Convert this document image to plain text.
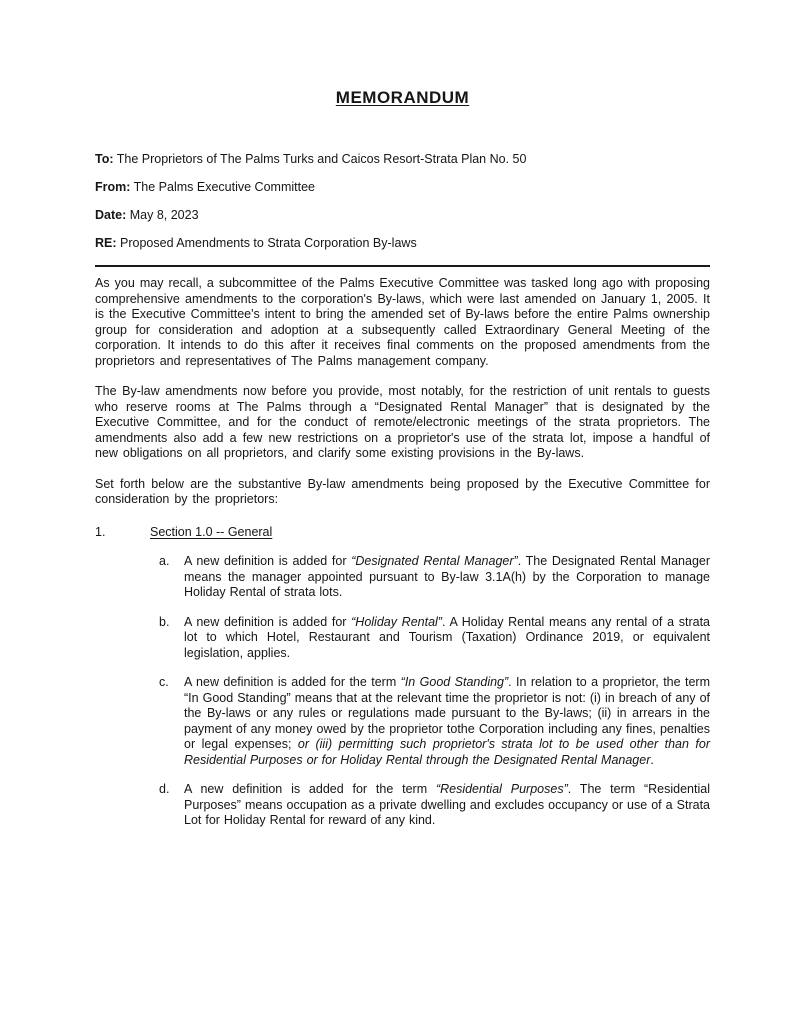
MEMORANDUM
To: The Proprietors of The Palms Turks and Caicos Resort-Strata Plan No. 50
From: The Palms Executive Committee
Date: May 8, 2023
RE: Proposed Amendments to Strata Corporation By-laws

As you may recall, a subcommittee of the Palms Executive Committee was tasked long ago with proposing comprehensive amendments to the corporation's By-laws, which were last amended on January 1, 2005. It is the Executive Committee's intent to bring the amended set of By-laws before the entire Palms ownership group for consideration and adoption at a subsequently called Extraordinary General Meeting of the corporation. It intends to do this after it receives final comments on the proposed amendments from the proprietors and representatives of The Palms management company.

The By-law amendments now before you provide, most notably, for the restriction of unit rentals to guests who reserve rooms at The Palms through a “Designated Rental Manager” that is designated by the Executive Committee, and for the conduct of remote/electronic meetings of the strata proprietors. The amendments also add a few new restrictions on a proprietor's use of the strata lot, impose a handful of new obligations on all proprietors, and clarify some existing provisions in the By-laws.

Set forth below are the substantive By-law amendments being proposed by the Executive Committee for consideration by the proprietors:

1.	Section 1.0 -- General
a.	A new definition is added for “Designated Rental Manager”. The Designated Rental Manager means the manager appointed pursuant to By-law 3.1A(h) by the Corporation to manage Holiday Rental of strata lots.
b.	A new definition is added for “Holiday Rental”. A Holiday Rental means any rental of a strata lot to which Hotel, Restaurant and Tourism (Taxation) Ordinance 2019, or equivalent legislation, applies.
c.	A new definition is added for the term “In Good Standing”. In relation to a proprietor, the term “In Good Standing” means that at the relevant time the proprietor is not: (i) in breach of any of the By-laws or any rules or regulations made pursuant to the By-laws; (ii) in arrears in the payment of any money owed by the proprietor tothe Corporation including any fines, penalties or legal expenses; or (iii) permitting such proprietor's strata lot to be used other than for Residential Purposes or for Holiday Rental through the Designated Rental Manager.
d.	A new definition is added for the term “Residential Purposes”. The term “Residential Purposes” means occupation as a private dwelling and excludes occupancy or use of a Strata Lot for Holiday Rental for reward of any kind.
